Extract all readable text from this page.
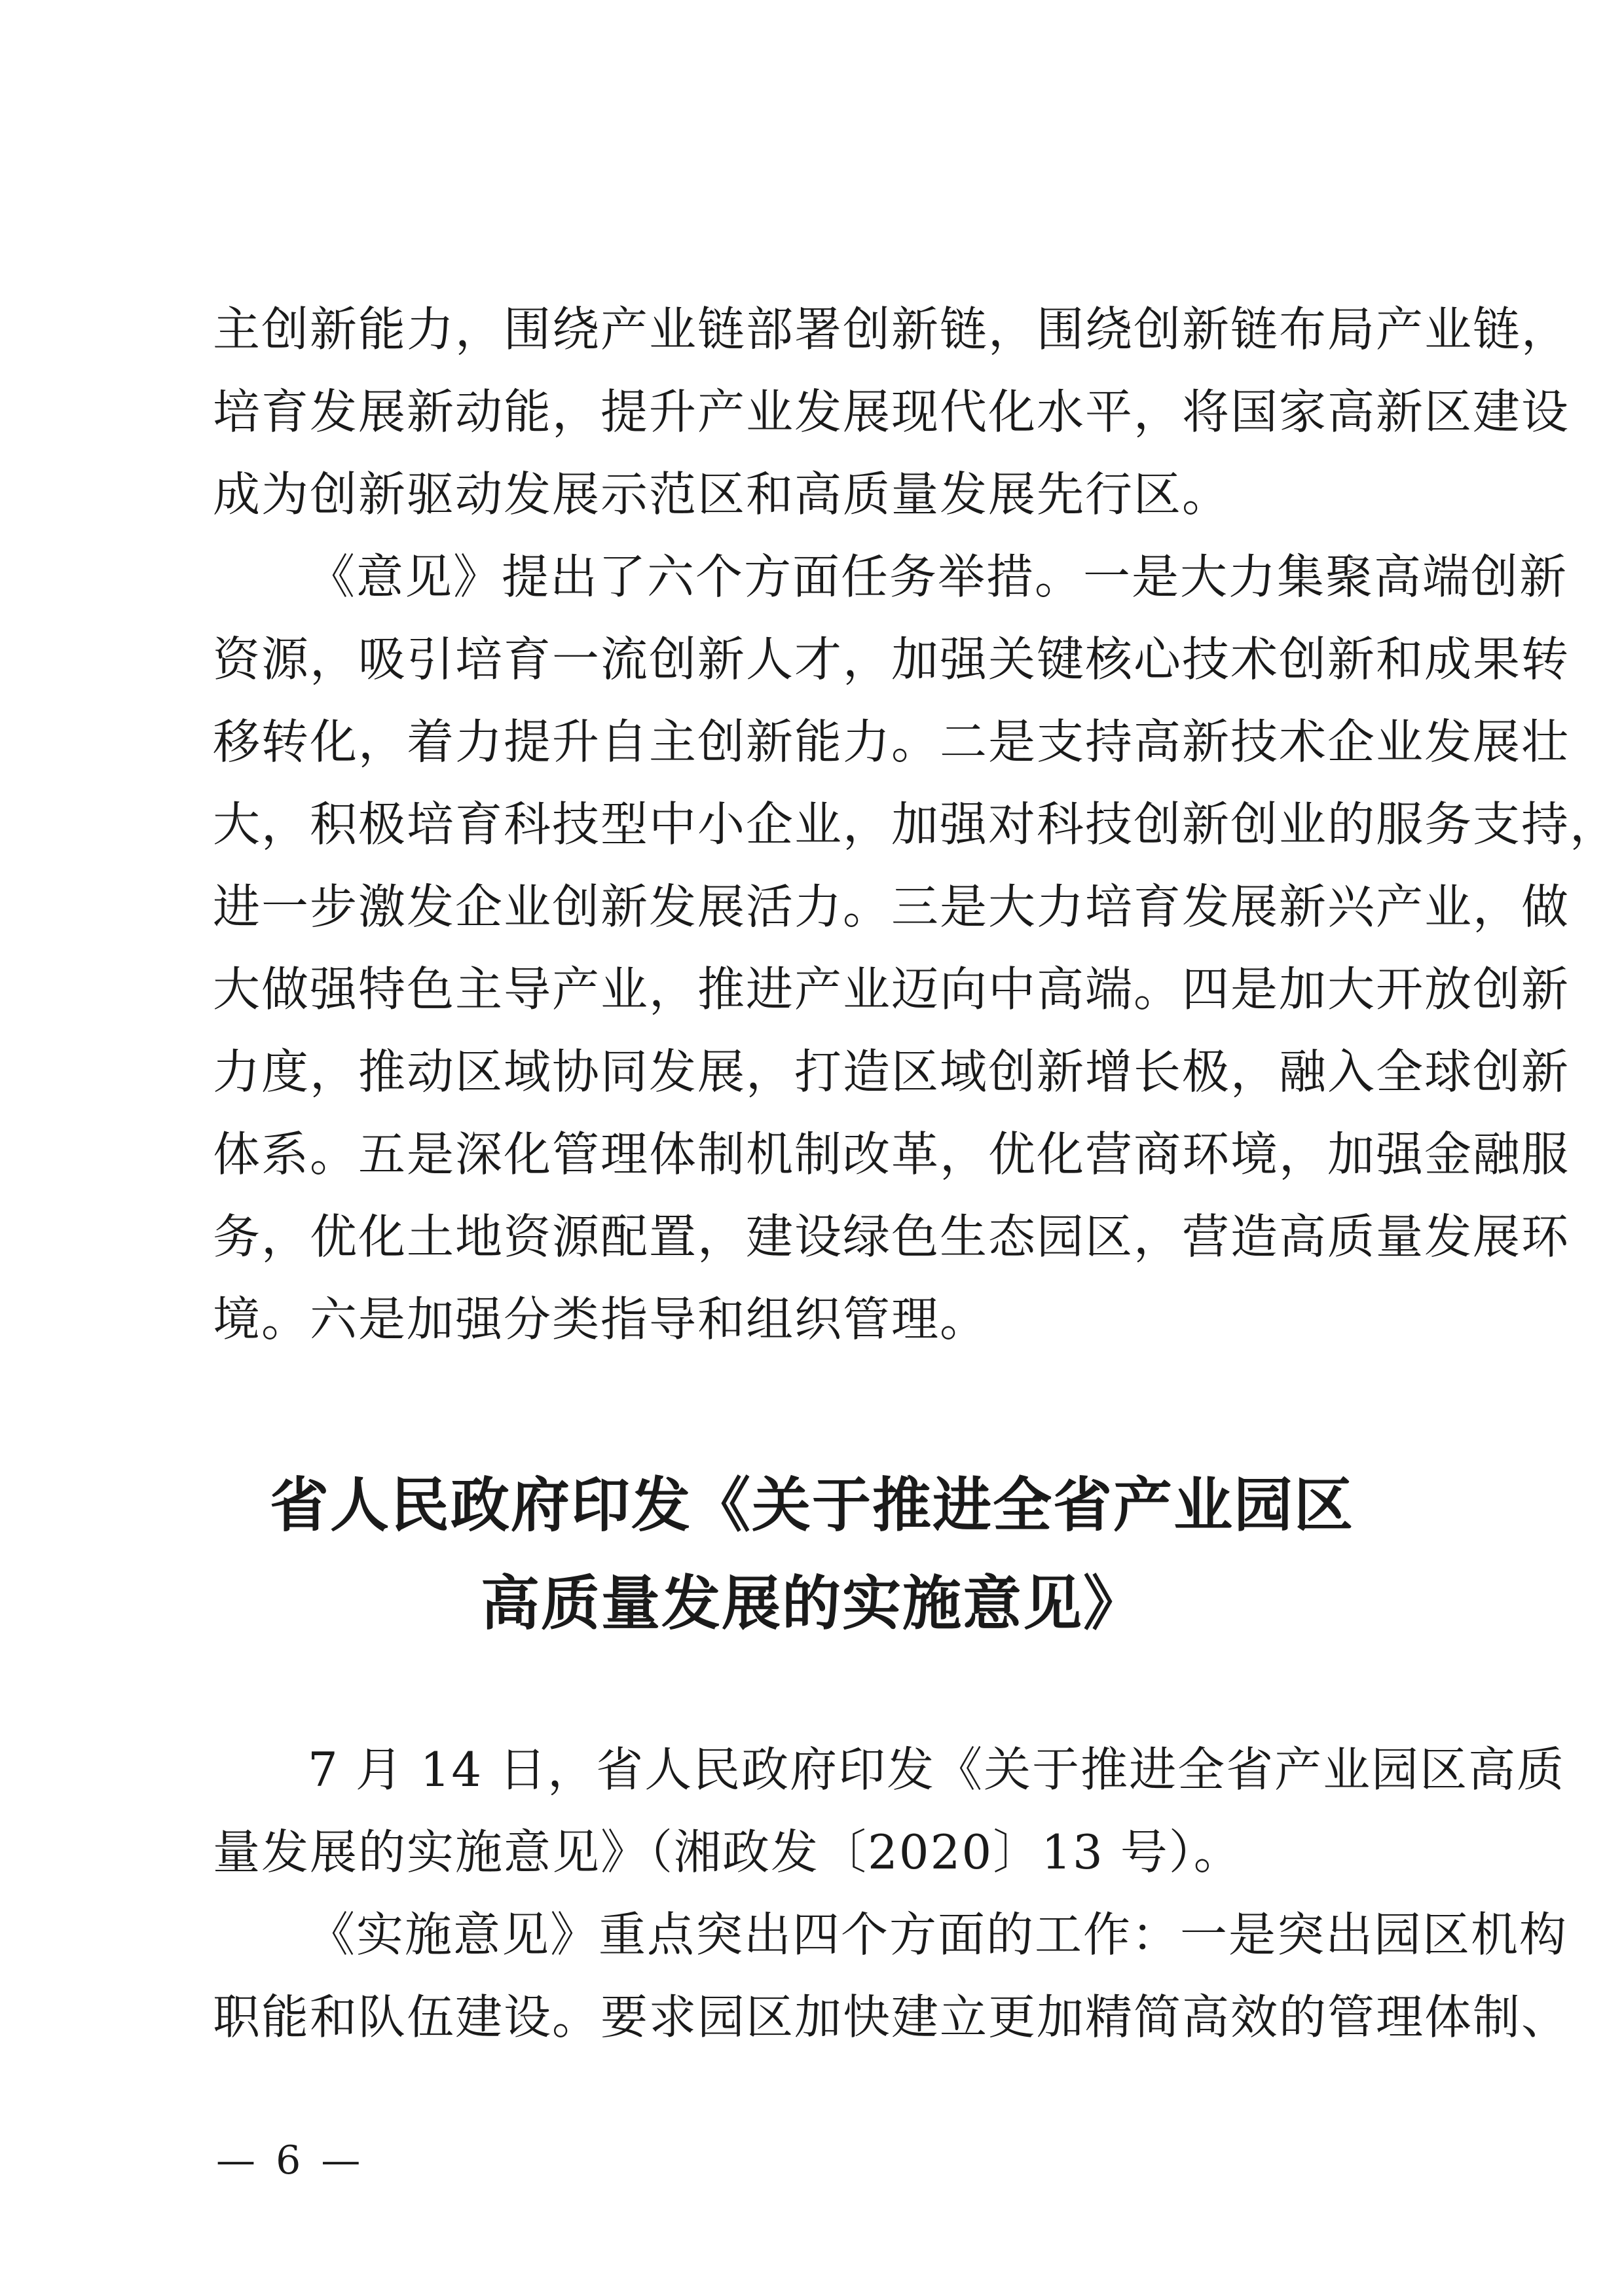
主创新能力，围绕产业链部署创新链，围绕创新链布局产业链，
培育发展新动能，提升产业发展现代化水平，将国家高新区建设
成为创新驱动发展示范区和高质量发展先行区。
《意见》提出了六个方面任务举措。一是大力集聚高端创新
资源，吸引培育一流创新人才，加强关键核心技术创新和成果转
移转化，着力提升自主创新能力。二是支持高新技术企业发展壮
大，积极培育科技型中小企业，加强对科技创新创业的服务支持，
进一步激发企业创新发展活力。三是大力培育发展新兴产业，做
大做强特色主导产业，推进产业迈向中高端。四是加大开放创新
力度，推动区域协同发展，打造区域创新增长极，融入全球创新
体系。五是深化管理体制机制改革，优化营商环境，加强金融服
务，优化土地资源配置，建设绿色生态园区，营造高质量发展环
境。六是加强分类指导和组织管理。
省人民政府印发《关于推进全省产业园区
高质量发展的实施意见》
7 月 14 日，省人民政府印发《关于推进全省产业园区高质
量发展的实施意见》（湘政发〔2020〕13 号）。
《实施意见》重点突出四个方面的工作：一是突出园区机构
职能和队伍建设。要求园区加快建立更加精简高效的管理体制、
— 6 —
